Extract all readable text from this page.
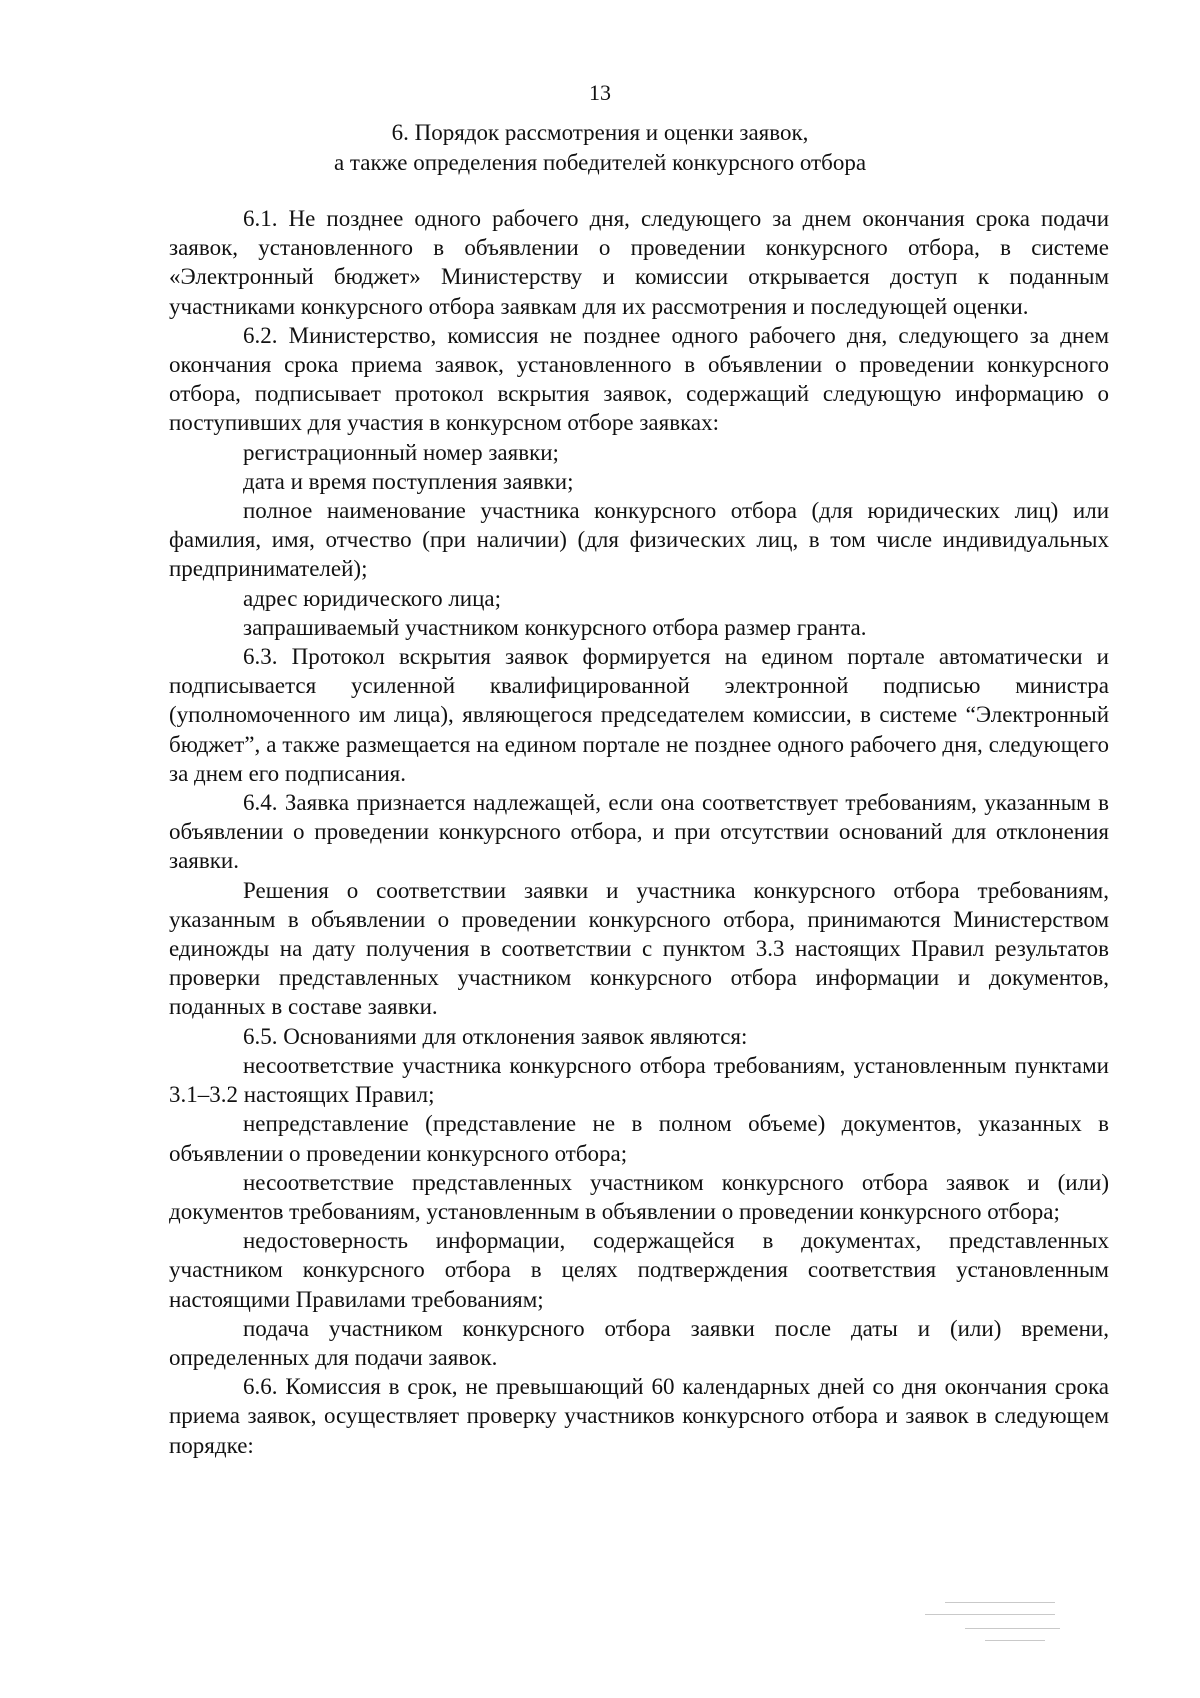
13

6. Порядок рассмотрения и оценки заявок,
а также определения победителей конкурсного отбора

6.1. Не позднее одного рабочего дня, следующего за днем окончания срока подачи заявок, установленного в объявлении о проведении конкурсного отбора, в системе «Электронный бюджет» Министерству и комиссии открывается доступ к поданным участниками конкурсного отбора заявкам для их рассмотрения и последующей оценки.

6.2. Министерство, комиссия не позднее одного рабочего дня, следующего за днем окончания срока приема заявок, установленного в объявлении о проведении конкурсного отбора, подписывает протокол вскрытия заявок, содержащий следующую информацию о поступивших для участия в конкурсном отборе заявках:

регистрационный номер заявки;

дата и время поступления заявки;

полное наименование участника конкурсного отбора (для юридических лиц) или фамилия, имя, отчество (при наличии) (для физических лиц, в том числе индивидуальных предпринимателей);

адрес юридического лица;

запрашиваемый участником конкурсного отбора размер гранта.

6.3. Протокол вскрытия заявок формируется на едином портале автоматически и подписывается усиленной квалифицированной электронной подписью министра (уполномоченного им лица), являющегося председателем комиссии, в системе “Электронный бюджет”, а также размещается на едином портале не позднее одного рабочего дня, следующего за днем его подписания.

6.4. Заявка признается надлежащей, если она соответствует требованиям, указанным в объявлении о проведении конкурсного отбора, и при отсутствии оснований для отклонения заявки.

Решения о соответствии заявки и участника конкурсного отбора требованиям, указанным в объявлении о проведении конкурсного отбора, принимаются Министерством единожды на дату получения в соответствии с пунктом 3.3 настоящих Правил результатов проверки представленных участником конкурсного отбора информации и документов, поданных в составе заявки.

6.5. Основаниями для отклонения заявок являются:

несоответствие участника конкурсного отбора требованиям, установленным пунктами 3.1–3.2 настоящих Правил;

непредставление (представление не в полном объеме) документов, указанных в объявлении о проведении конкурсного отбора;

несоответствие представленных участником конкурсного отбора заявок и (или) документов требованиям, установленным в объявлении о проведении конкурсного отбора;

недостоверность информации, содержащейся в документах, представленных участником конкурсного отбора в целях подтверждения соответствия установленным настоящими Правилами требованиям;

подача участником конкурсного отбора заявки после даты и (или) времени, определенных для подачи заявок.

6.6. Комиссия в срок, не превышающий 60 календарных дней со дня окончания срока приема заявок, осуществляет проверку участников конкурсного отбора и заявок в следующем порядке:
